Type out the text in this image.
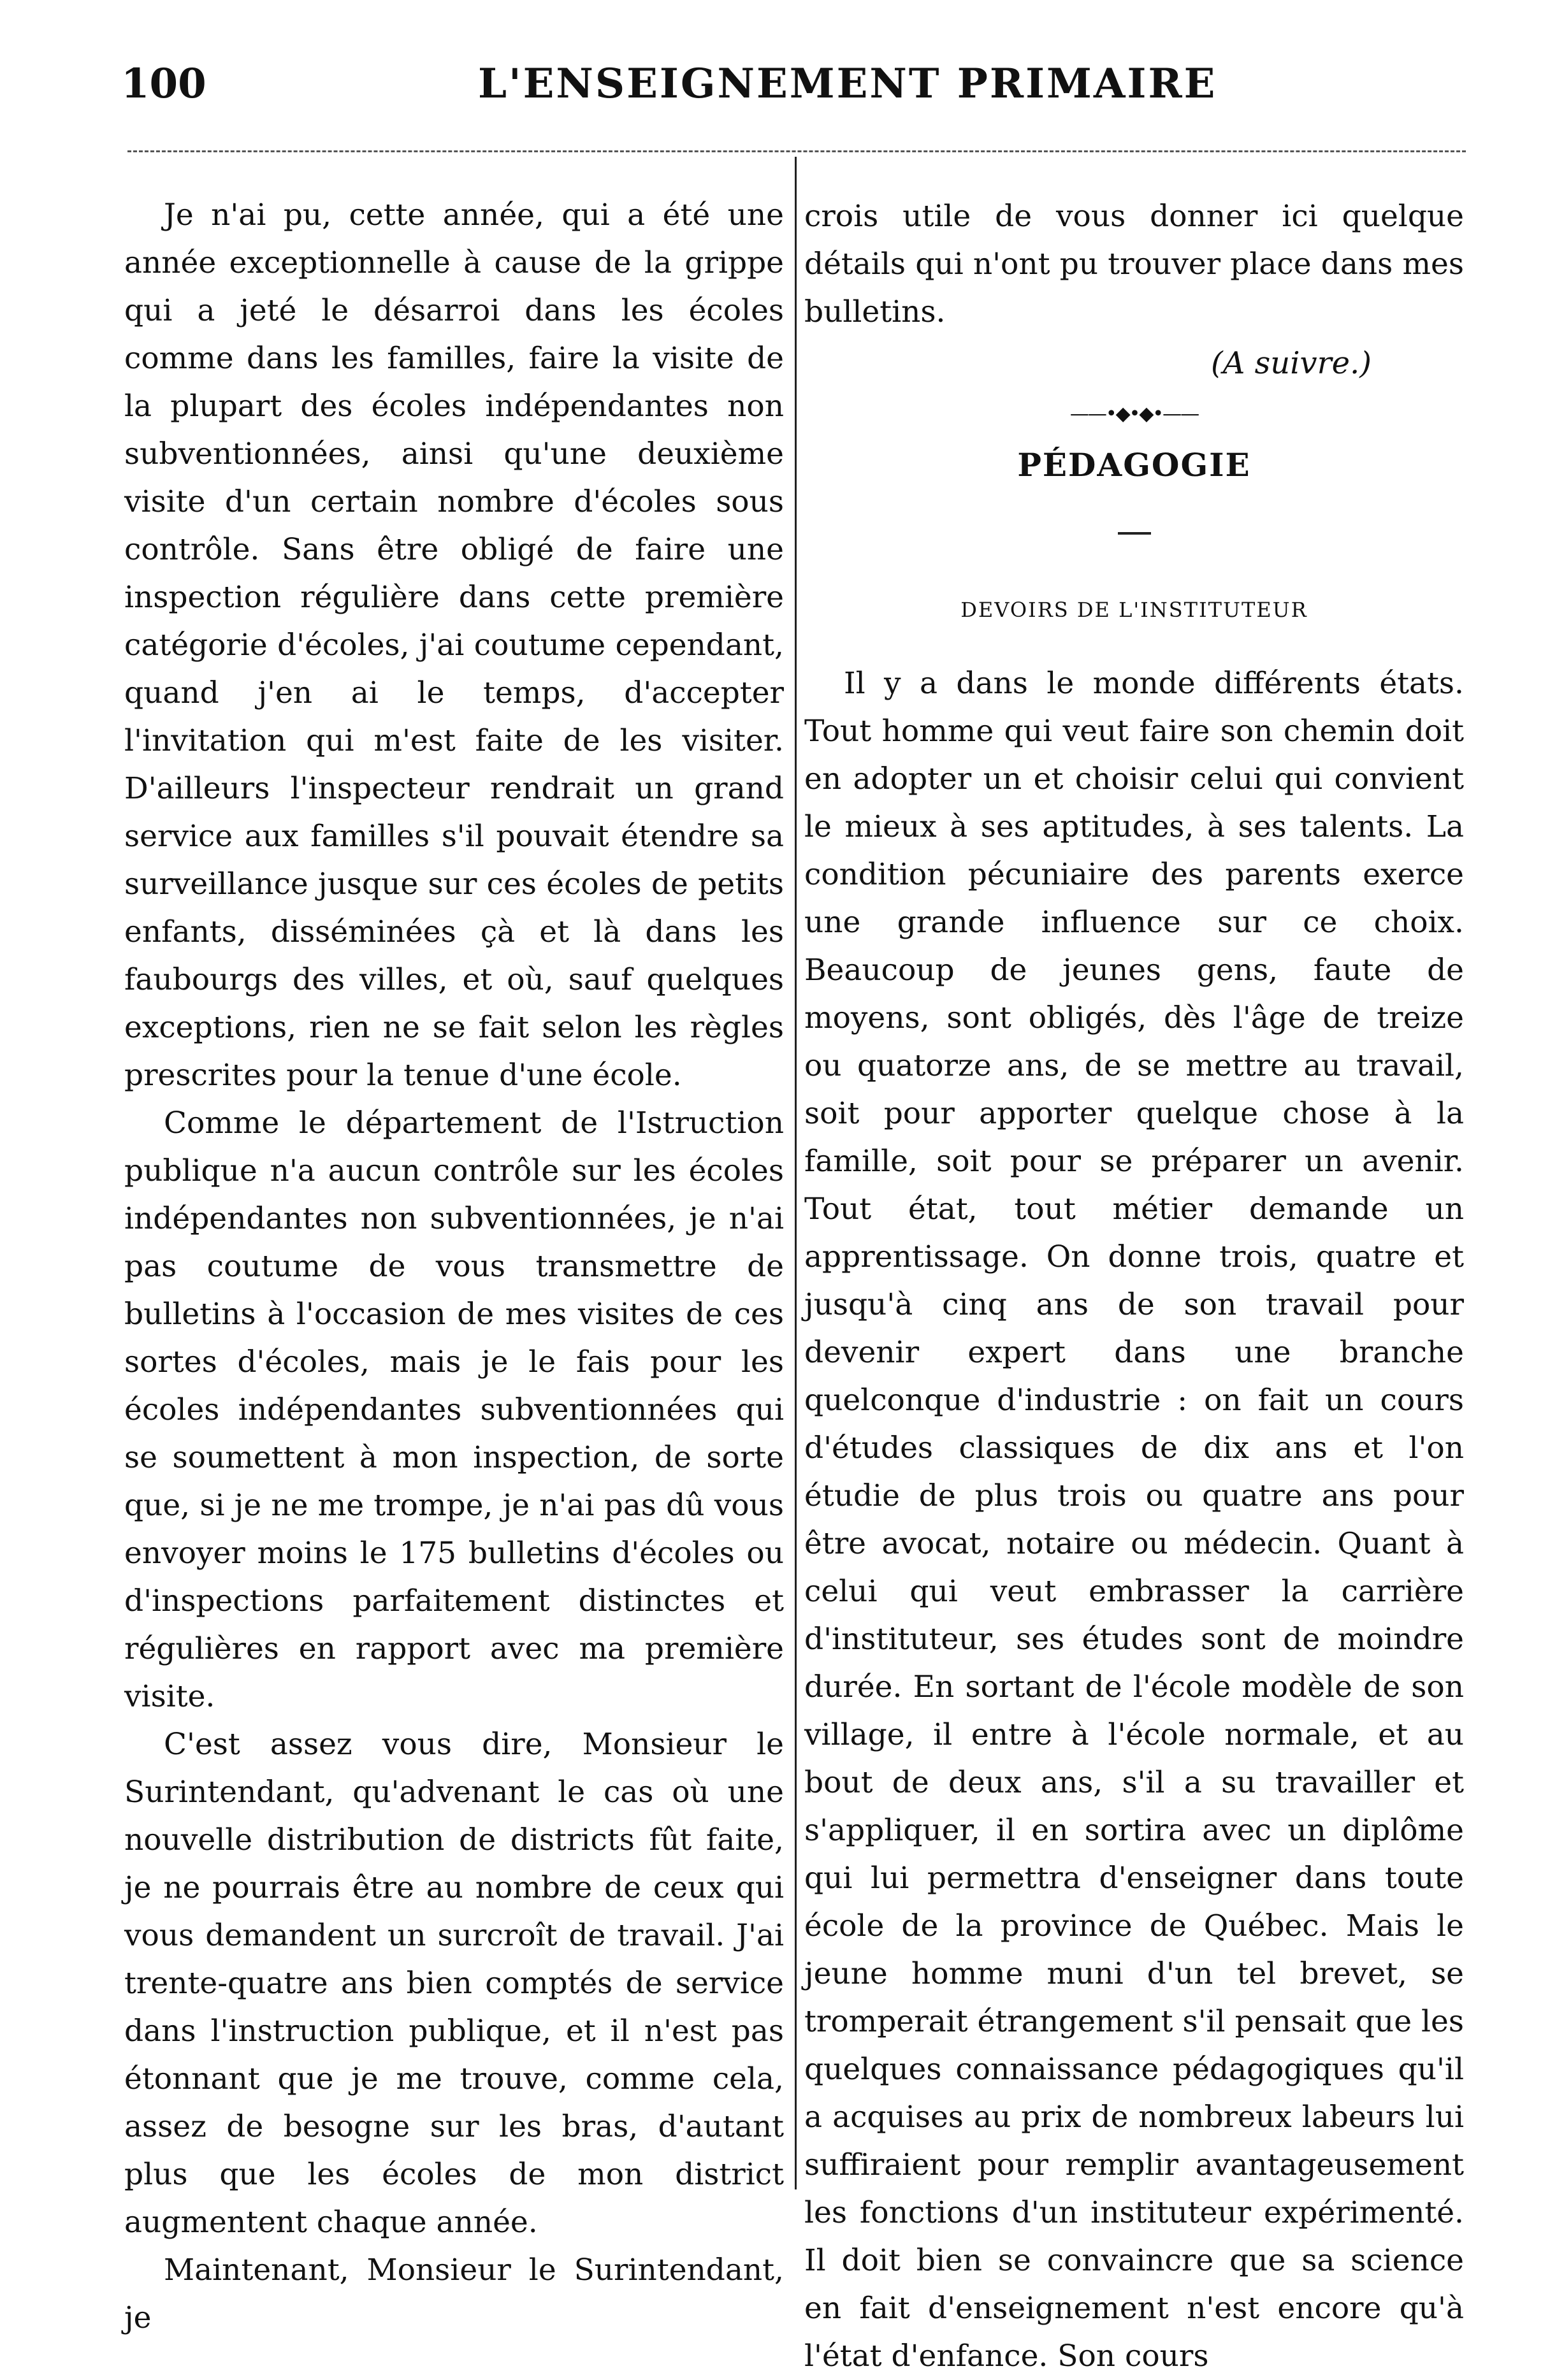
100	L'ENSEIGNEMENT PRIMAIRE

Je n'ai pu, cette année, qui a été une année exceptionnelle à cause de la grippe qui a jeté le désarroi dans les écoles comme dans les familles, faire la visite de la plupart des écoles indépendantes non subventionnées, ainsi qu'une deuxième visite d'un certain nombre d'écoles sous contrôle. Sans être obligé de faire une inspection régulière dans cette première catégorie d'écoles, j'ai coutume cependant, quand j'en ai le temps, d'accepter l'invitation qui m'est faite de les visiter. D'ailleurs l'inspecteur rendrait un grand service aux familles s'il pouvait étendre sa surveillance jusque sur ces écoles de petits enfants, disséminées çà et là dans les faubourgs des villes, et où, sauf quelques exceptions, rien ne se fait selon les règles prescrites pour la tenue d'une école.

Comme le département de l'Istruction publique n'a aucun contrôle sur les écoles indépendantes non subventionnées, je n'ai pas coutume de vous transmettre de bulletins à l'occasion de mes visites de ces sortes d'écoles, mais je le fais pour les écoles indépendantes subventionnées qui se soumettent à mon inspection, de sorte que, si je ne me trompe, je n'ai pas dû vous envoyer moins le 175 bulletins d'écoles ou d'inspections parfaitement distinctes et régulières en rapport avec ma première visite.

C'est assez vous dire, Monsieur le Surintendant, qu'advenant le cas où une nouvelle distribution de districts fût faite, je ne pourrais être au nombre de ceux qui vous demandent un surcroît de travail. J'ai trente-quatre ans bien comptés de service dans l'instruction publique, et il n'est pas étonnant que je me trouve, comme cela, assez de besogne sur les bras, d'autant plus que les écoles de mon district augmentent chaque année.

Maintenant, Monsieur le Surintendant, je

crois utile de vous donner ici quelque détails qui n'ont pu trouver place dans mes bulletins.

(A suivre.)
——•◆•◆•——
PÉDAGOGIE
DEVOIRS DE L'INSTITUTEUR

Il y a dans le monde différents états. Tout homme qui veut faire son chemin doit en adopter un et choisir celui qui convient le mieux à ses aptitudes, à ses talents. La condition pécuniaire des parents exerce une grande influence sur ce choix. Beaucoup de jeunes gens, faute de moyens, sont obligés, dès l'âge de treize ou quatorze ans, de se mettre au travail, soit pour apporter quelque chose à la famille, soit pour se préparer un avenir. Tout état, tout métier demande un apprentissage. On donne trois, quatre et jusqu'à cinq ans de son travail pour devenir expert dans une branche quelconque d'industrie : on fait un cours d'études classiques de dix ans et l'on étudie de plus trois ou quatre ans pour être avocat, notaire ou médecin. Quant à celui qui veut embrasser la carrière d'instituteur, ses études sont de moindre durée. En sortant de l'école modèle de son village, il entre à l'école normale, et au bout de deux ans, s'il a su travailler et s'appliquer, il en sortira avec un diplôme qui lui permettra d'enseigner dans toute école de la province de Québec. Mais le jeune homme muni d'un tel brevet, se tromperait étrangement s'il pensait que les quelques connaissance pédagogiques qu'il a acquises au prix de nombreux labeurs lui suffiraient pour remplir avantageusement les fonctions d'un instituteur expérimenté. Il doit bien se convaincre que sa science en fait d'enseignement n'est encore qu'à l'état d'enfance. Son cours
